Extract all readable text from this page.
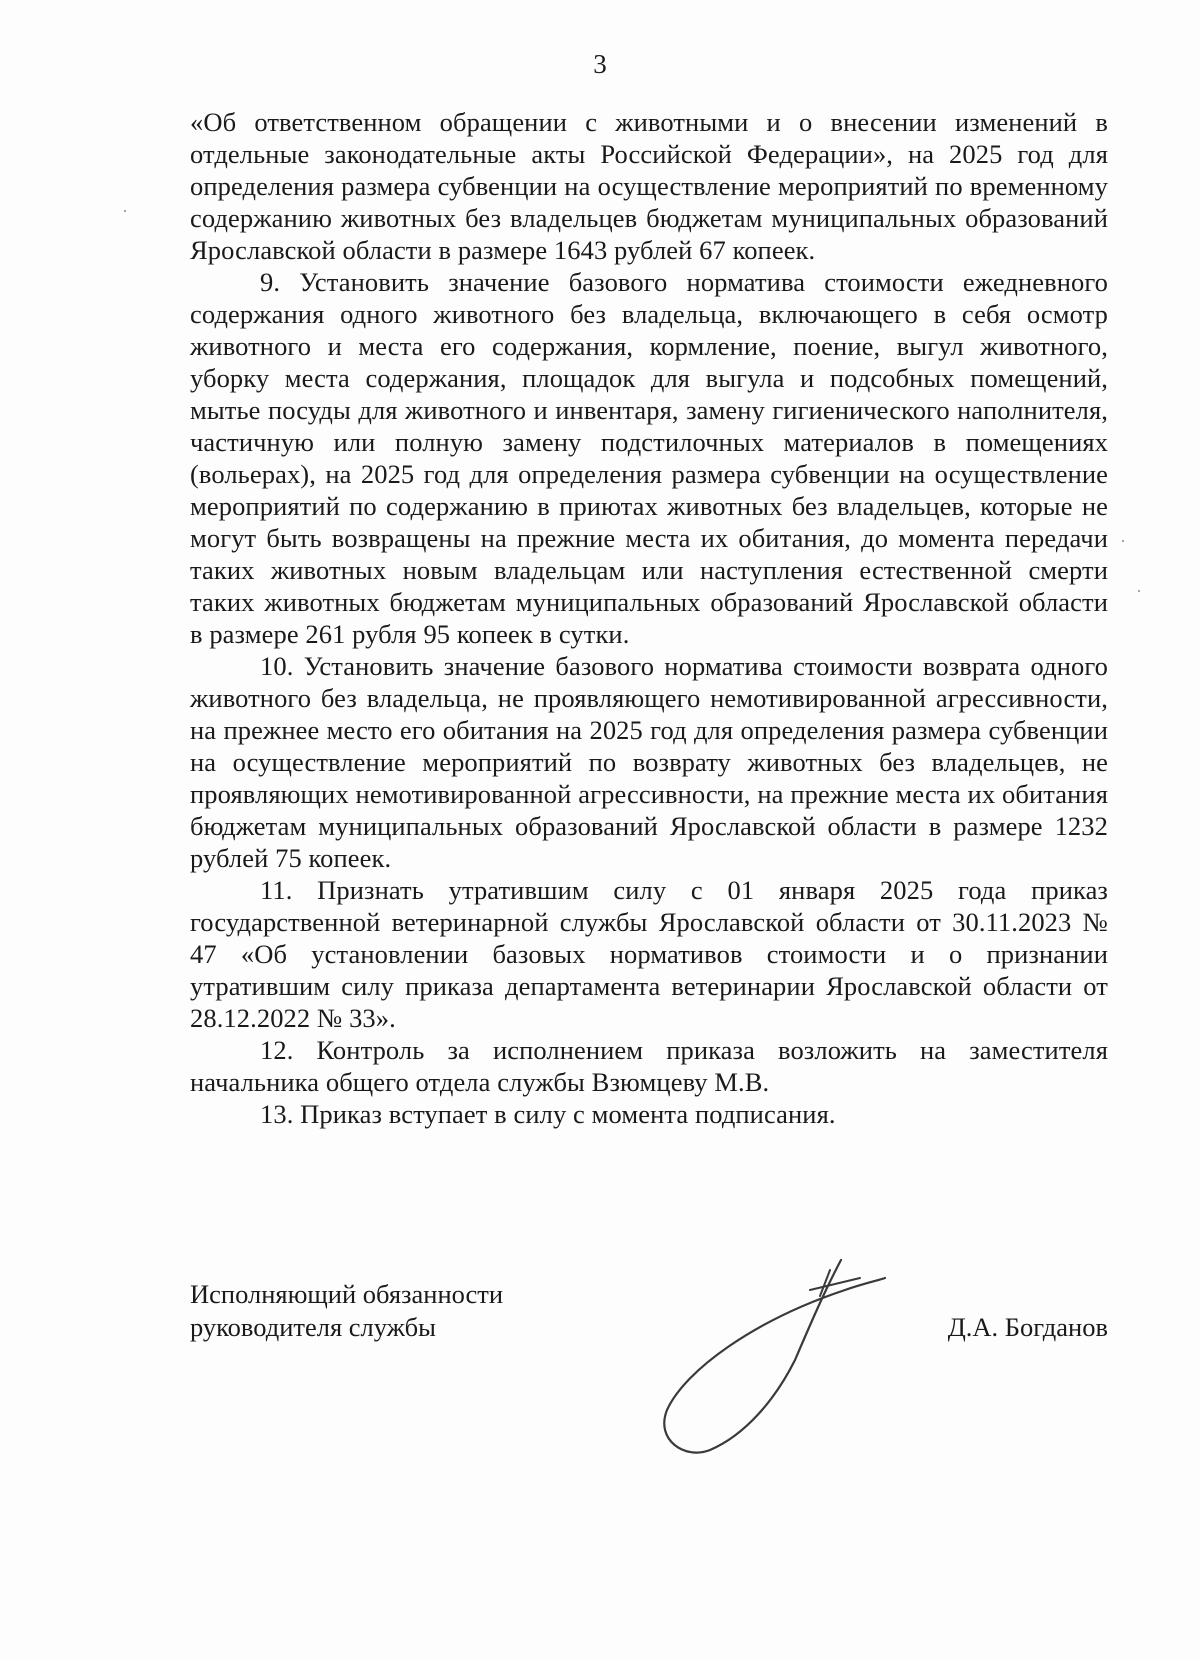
3

«Об ответственном обращении с животными и о внесении изменений в отдельные законодательные акты Российской Федерации», на 2025 год для определения размера субвенции на осуществление мероприятий по временному содержанию животных без владельцев бюджетам муниципальных образований Ярославской области в размере 1643 рублей 67 копеек.

9. Установить значение базового норматива стоимости ежедневного содержания одного животного без владельца, включающего в себя осмотр животного и места его содержания, кормление, поение, выгул животного, уборку места содержания, площадок для выгула и подсобных помещений, мытье посуды для животного и инвентаря, замену гигиенического наполнителя, частичную или полную замену подстилочных материалов в помещениях (вольерах), на 2025 год для определения размера субвенции на осуществление мероприятий по содержанию в приютах животных без владельцев, которые не могут быть возвращены на прежние места их обитания, до момента передачи таких животных новым владельцам или наступления естественной смерти таких животных бюджетам муниципальных образований Ярославской области в размере 261 рубля 95 копеек в сутки.

10. Установить значение базового норматива стоимости возврата одного животного без владельца, не проявляющего немотивированной агрессивности, на прежнее место его обитания на 2025 год для определения размера субвенции на осуществление мероприятий по возврату животных без владельцев, не проявляющих немотивированной агрессивности, на прежние места их обитания бюджетам муниципальных образований Ярославской области в размере 1232 рублей 75 копеек.

11. Признать утратившим силу с 01 января 2025 года приказ государственной ветеринарной службы Ярославской области от 30.11.2023 № 47 «Об установлении базовых нормативов стоимости и о признании утратившим силу приказа департамента ветеринарии Ярославской области от 28.12.2022 № 33».

12. Контроль за исполнением приказа возложить на заместителя начальника общего отдела службы Взюмцеву М.В.

13. Приказ вступает в силу с момента подписания.

Исполняющий обязанности
руководителя службы	Д.А. Богданов
